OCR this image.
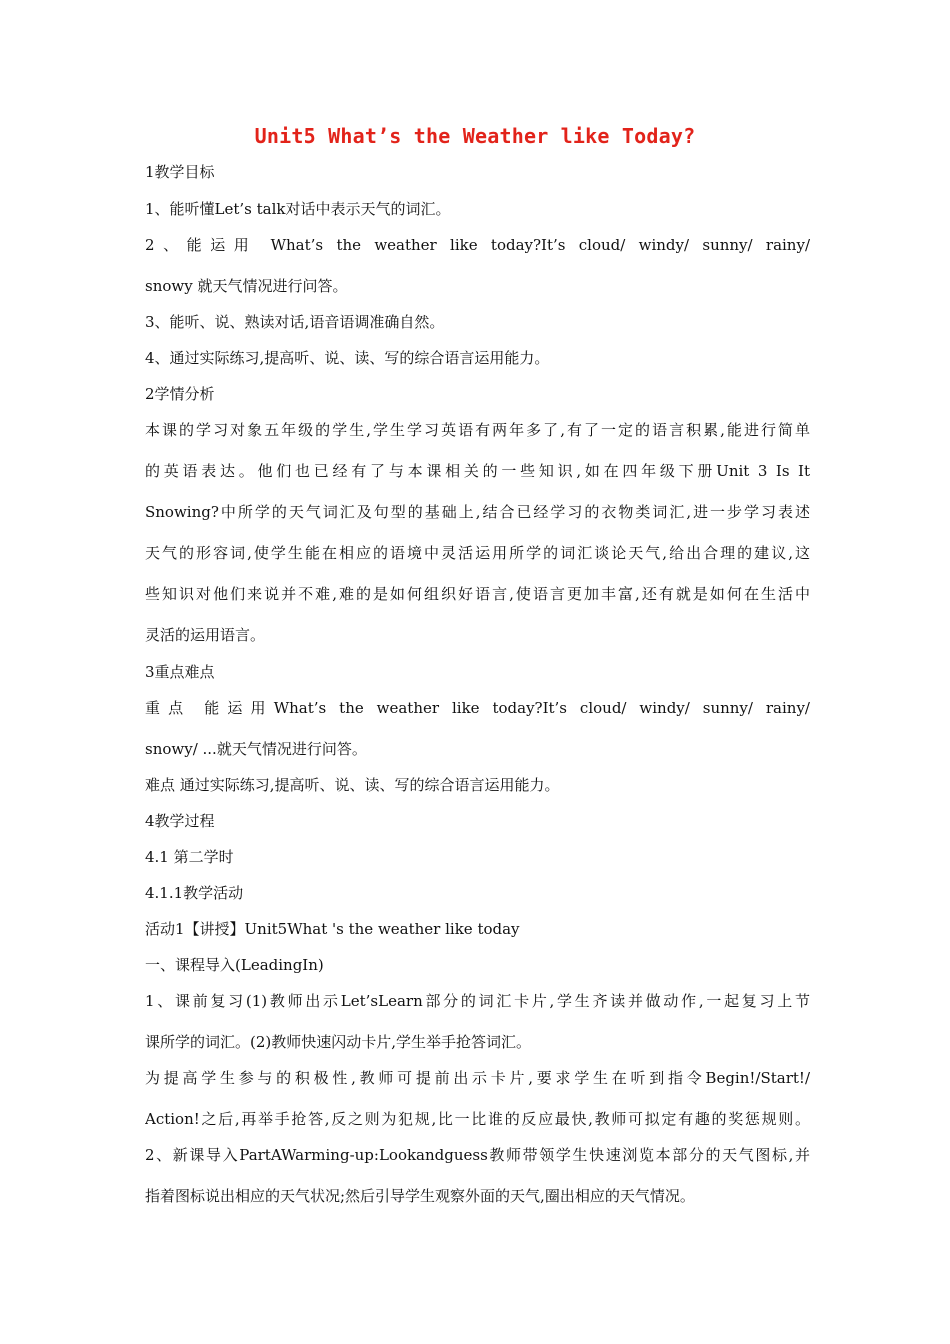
Unit5 What’s the Weather like Today?
1教学目标
1、能听懂Let’s talk对话中表示天气的词汇。
2、能运用 What’s the weather like today?It’s cloud/ windy/ sunny/ rainy/
snowy 就天气情况进行问答。
3、能听、说、熟读对话,语音语调准确自然。
4、通过实际练习,提高听、说、读、写的综合语言运用能力。
2学情分析
本课的学习对象五年级的学生,学生学习英语有两年多了,有了一定的语言积累,能进行简单
的英语表达。他们也已经有了与本课相关的一些知识,如在四年级下册Unit 3 Is It
Snowing?中所学的天气词汇及句型的基础上,结合已经学习的衣物类词汇,进一步学习表述
天气的形容词,使学生能在相应的语境中灵活运用所学的词汇谈论天气,给出合理的建议,这
些知识对他们来说并不难,难的是如何组织好语言,使语言更加丰富,还有就是如何在生活中
灵活的运用语言。
3重点难点
重点 能运用What’s the weather like today?It’s cloud/ windy/ sunny/ rainy/
snowy/ ...就天气情况进行问答。
难点 通过实际练习,提高听、说、读、写的综合语言运用能力。
4教学过程
4.1 第二学时
4.1.1教学活动
活动1【讲授】Unit5What 's the weather like today
一、课程导入(LeadingIn)
1、课前复习(1)教师出示Let’sLearn部分的词汇卡片,学生齐读并做动作,一起复习上节
课所学的词汇。(2)教师快速闪动卡片,学生举手抢答词汇。
为提高学生参与的积极性,教师可提前出示卡片,要求学生在听到指令Begin!/Start!/
Action!之后,再举手抢答,反之则为犯规,比一比谁的反应最快,教师可拟定有趣的奖惩规则。
2、新课导入PartAWarming-up:Lookandguess教师带领学生快速浏览本部分的天气图标,并
指着图标说出相应的天气状况;然后引导学生观察外面的天气,圈出相应的天气情况。
